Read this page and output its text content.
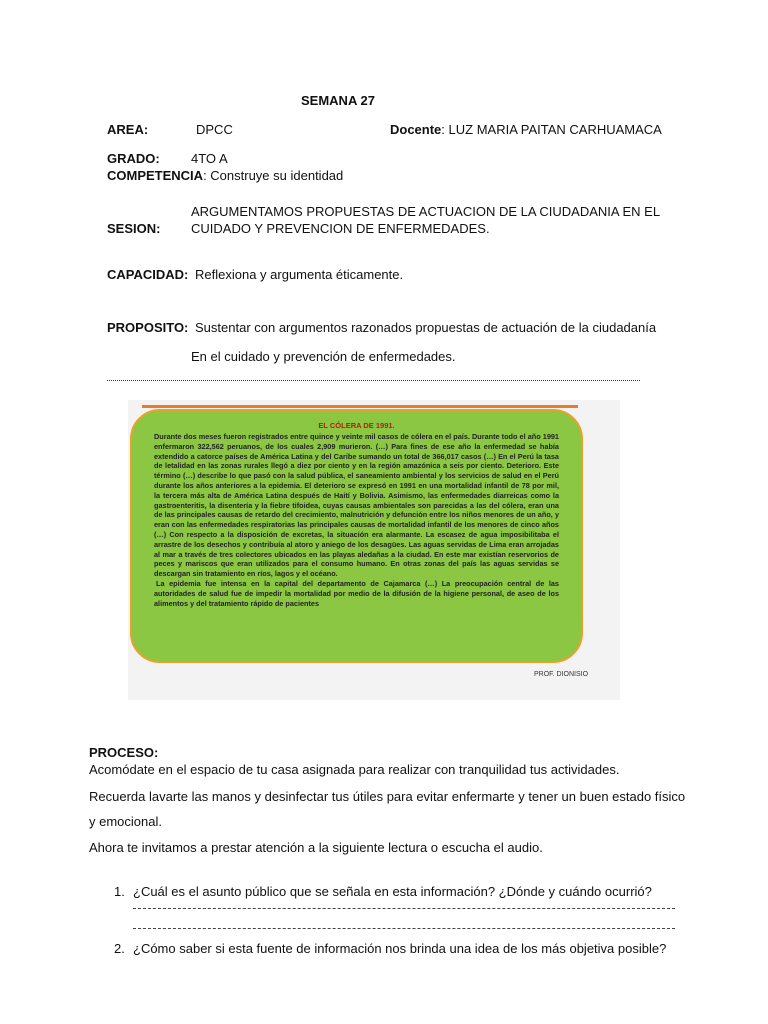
SEMANA 27
AREA:	DPCC	Docente: LUZ MARIA PAITAN CARHUAMACA
GRADO: 4TO A
COMPETENCIA: Construye su identidad
ARGUMENTAMOS PROPUESTAS DE ACTUACION DE LA CIUDADANIA EN EL
SESION: CUIDADO Y PREVENCION DE ENFERMEDADES.
CAPACIDAD: Reflexiona y argumenta éticamente.
PROPOSITO: Sustentar con argumentos razonados propuestas de actuación de la ciudadanía
En el cuidado y prevención de enfermedades.
EL CÓLERA DE 1991.

Durante dos meses fueron registrados entre quince y veinte mil casos de cólera en el país. Durante todo el año 1991 enfermaron 322,562 peruanos, de los cuales 2,909 murieron. (…) Para fines de ese año la enfermedad se había extendido a catorce países de América Latina y del Caribe sumando un total de 366,017 casos (…) En el Perú la tasa de letalidad en las zonas rurales llegó a diez por ciento y en la región amazónica a seis por ciento. Deterioro. Este término (…) describe lo que pasó con la salud pública, el saneamiento ambiental y los servicios de salud en el Perú durante los años anteriores a la epidemia. El deterioro se expresó en 1991 en una mortalidad infantil de 78 por mil, la tercera más alta de América Latina después de Haití y Bolivia. Asimismo, las enfermedades diarreicas como la gastroenteritis, la disentería y la fiebre tifoidea, cuyas causas ambientales son parecidas a las del cólera, eran una de las principales causas de retardo del crecimiento, malnutrición y defunción entre los niños menores de un año, y eran con las enfermedades respiratorias las principales causas de mortalidad infantil de los menores de cinco años (…) Con respecto a la disposición de excretas, la situación era alarmante. La escasez de agua imposibilitaba el arrastre de los desechos y contribuía al atoro y aniego de los desagües. Las aguas servidas de Lima eran arrojadas al mar a través de tres colectores ubicados en las playas aledañas a la ciudad. En este mar existían reservorios de peces y mariscos que eran utilizados para el consumo humano. En otras zonas del país las aguas servidas se descargan sin tratamiento en ríos, lagos y el océano.

La epidemia fue intensa en la capital del departamento de Cajamarca (…) La preocupación central de las autoridades de salud fue de impedir la mortalidad por medio de la difusión de la higiene personal, de aseo de los alimentos y del tratamiento rápido de pacientes

PROF. DIONISIO
PROCESO:
Acomódate en el espacio de tu casa asignada para realizar con tranquilidad tus actividades.
Recuerda lavarte las manos y desinfectar tus útiles para evitar enfermarte y tener un buen estado físico
y emocional.
Ahora te invitamos a prestar atención a la siguiente lectura o escucha el audio.
1. ¿Cuál es el asunto público que se señala en esta información? ¿Dónde y cuándo ocurrió?
2. ¿Cómo saber si esta fuente de información nos brinda una idea de los más objetiva posible?
